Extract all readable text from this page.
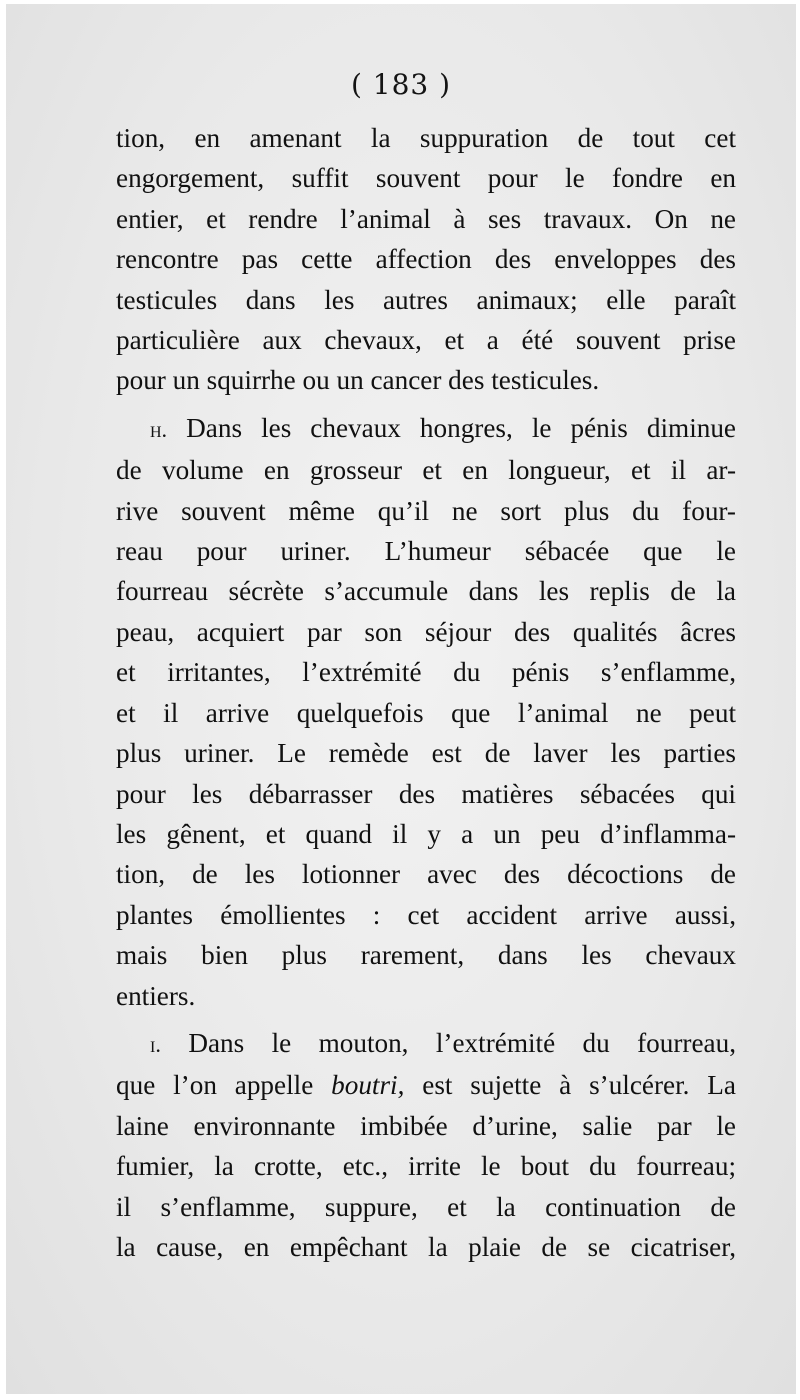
( 183 )
tion, en amenant la suppuration de tout cet
engorgement, suffit souvent pour le fondre en
entier, et rendre l’animal à ses travaux. On ne
rencontre pas cette affection des enveloppes des
testicules dans les autres animaux; elle paraît
particulière aux chevaux, et a été souvent prise
pour un squirrhe ou un cancer des testicules.
h. Dans les chevaux hongres, le pénis diminue
de volume en grosseur et en longueur, et il ar-
rive souvent même qu’il ne sort plus du four-
reau pour uriner. L’humeur sébacée que le
fourreau sécrète s’accumule dans les replis de la
peau, acquiert par son séjour des qualités âcres
et irritantes, l’extrémité du pénis s’enflamme,
et il arrive quelquefois que l’animal ne peut
plus uriner. Le remède est de laver les parties
pour les débarrasser des matières sébacées qui
les gênent, et quand il y a un peu d’inflamma-
tion, de les lotionner avec des décoctions de
plantes émollientes : cet accident arrive aussi,
mais bien plus rarement, dans les chevaux
entiers.
i. Dans le mouton, l’extrémité du fourreau,
que l’on appelle boutri, est sujette à s’ulcérer. La
laine environnante imbibée d’urine, salie par le
fumier, la crotte, etc., irrite le bout du fourreau;
il s’enflamme, suppure, et la continuation de
la cause, en empêchant la plaie de se cicatriser,
